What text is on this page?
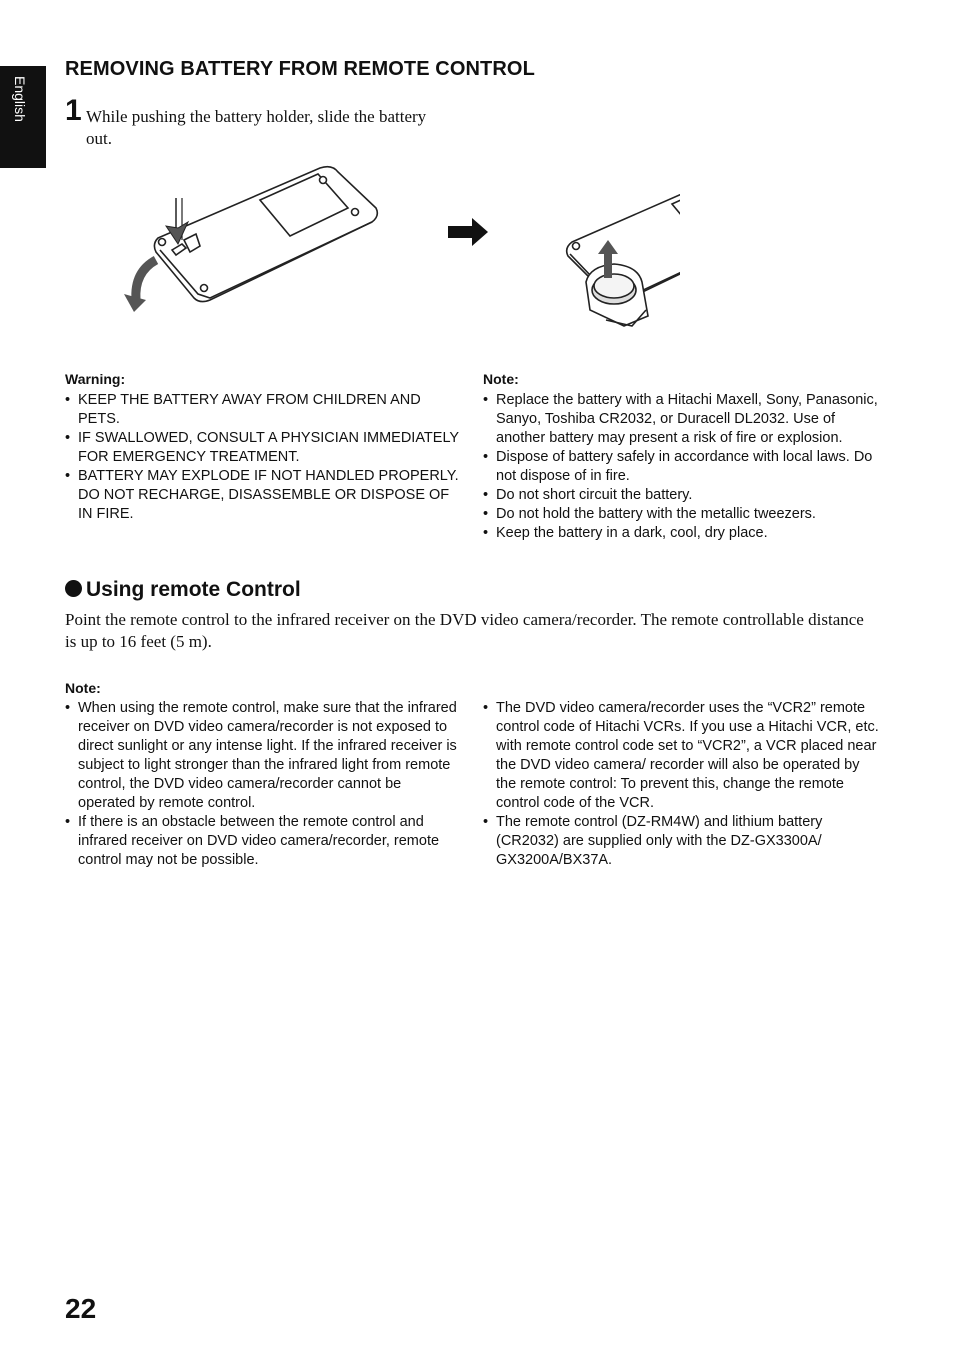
English
REMOVING BATTERY FROM REMOTE CONTROL
1 While pushing the battery holder, slide the battery out.
Warning:
• KEEP THE BATTERY AWAY FROM CHILDREN AND PETS.
• IF SWALLOWED, CONSULT A PHYSICIAN IMMEDIATELY FOR EMERGENCY TREATMENT.
• BATTERY MAY EXPLODE IF NOT HANDLED PROPERLY. DO NOT RECHARGE, DISASSEMBLE OR DISPOSE OF IN FIRE.
Note:
• Replace the battery with a Hitachi Maxell, Sony, Panasonic, Sanyo, Toshiba CR2032, or Duracell DL2032. Use of another battery may present a risk of fire or explosion.
• Dispose of battery safely in accordance with local laws. Do not dispose of in fire.
• Do not short circuit the battery.
• Do not hold the battery with the metallic tweezers.
• Keep the battery in a dark, cool, dry place.
Using remote Control
Point the remote control to the infrared receiver on the DVD video camera/recorder. The remote controllable distance is up to 16 feet (5 m).
Note:
• When using the remote control, make sure that the infrared receiver on DVD video camera/recorder is not exposed to direct sunlight or any intense light. If the infrared receiver is subject to light stronger than the infrared light from remote control, the DVD video camera/recorder cannot be operated by remote control.
• If there is an obstacle between the remote control and infrared receiver on DVD video camera/recorder, remote control may not be possible.
• The DVD video camera/recorder uses the “VCR2” remote control code of Hitachi VCRs. If you use a Hitachi VCR, etc. with remote control code set to “VCR2”, a VCR placed near the DVD video camera/ recorder will also be operated by the remote control: To prevent this, change the remote control code of the VCR.
• The remote control (DZ-RM4W) and lithium battery (CR2032) are supplied only with the DZ-GX3300A/ GX3200A/BX37A.
22
